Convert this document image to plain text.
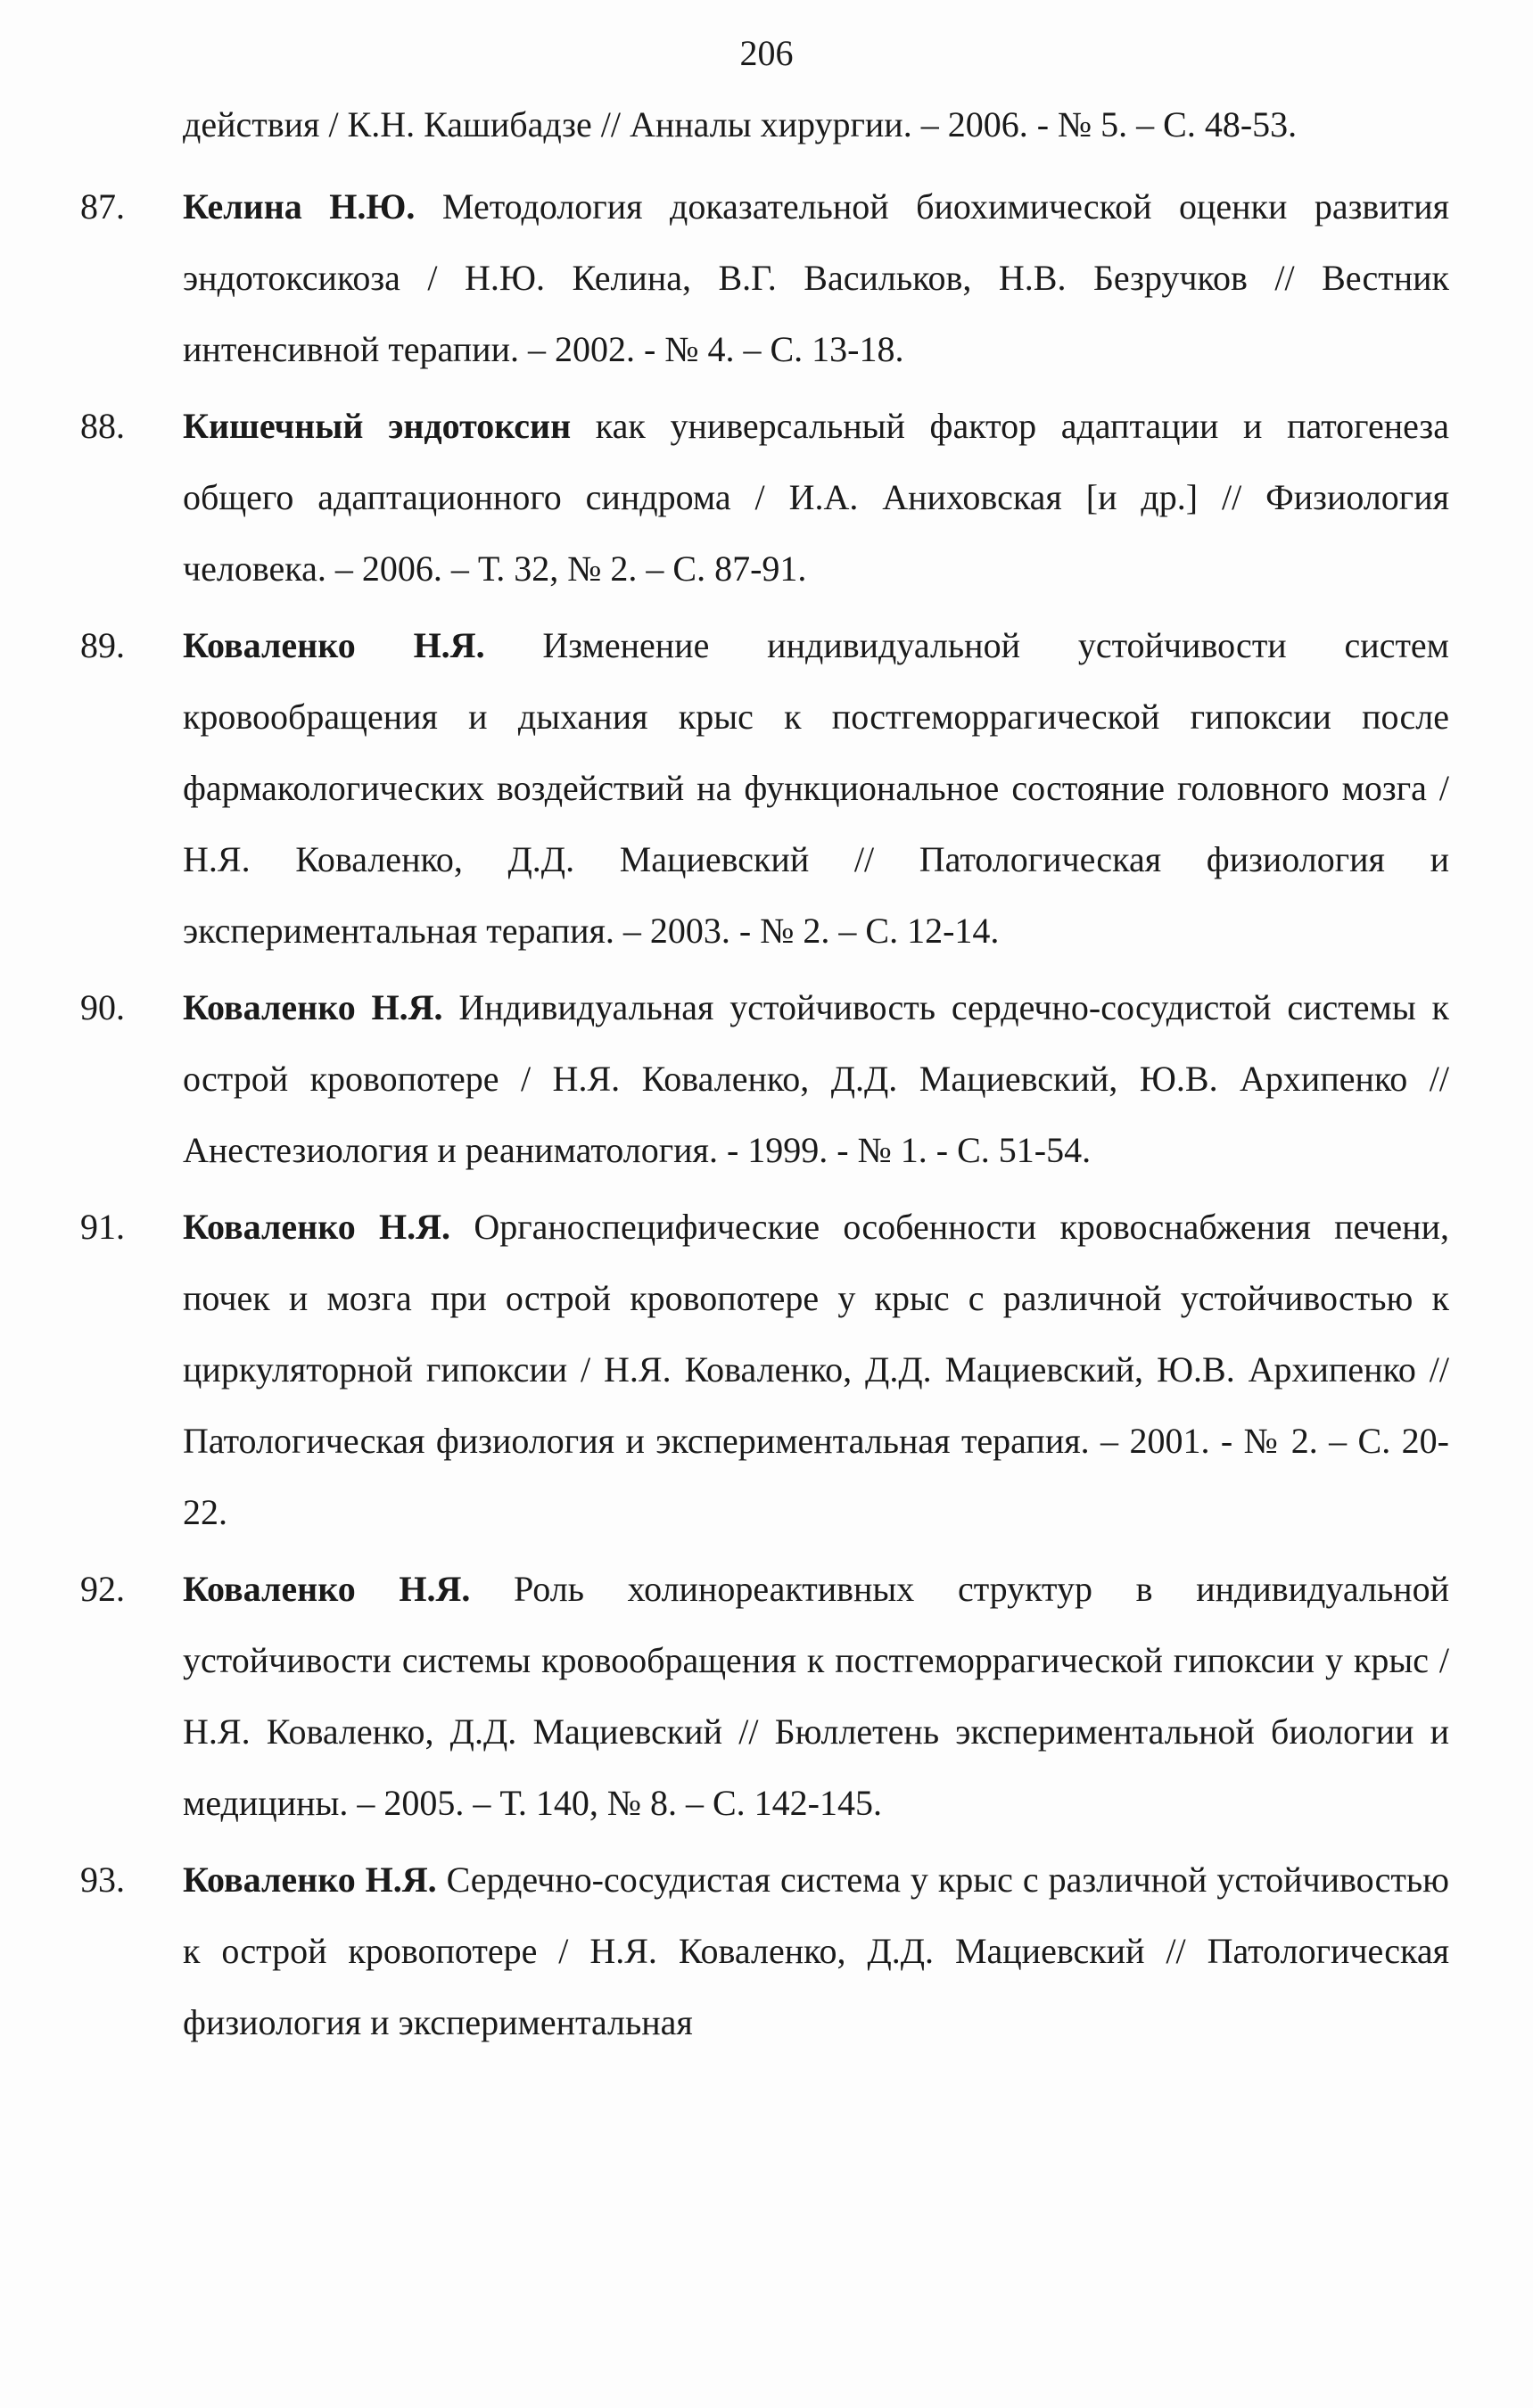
206
действия / К.Н. Кашибадзе // Анналы хирургии. – 2006. - № 5. – С. 48-53.
87.	Келина Н.Ю. Методология доказательной биохимической оценки развития эндотоксикоза / Н.Ю. Келина, В.Г. Васильков, Н.В. Безручков // Вестник интенсивной терапии. – 2002. - № 4. – С. 13-18.
88.	Кишечный эндотоксин как универсальный фактор адаптации и патогенеза общего адаптационного синдрома / И.А. Аниховская [и др.] // Физиология человека. – 2006. – Т. 32, № 2. – С. 87-91.
89.	Коваленко Н.Я. Изменение индивидуальной устойчивости систем кровообращения и дыхания крыс к постгеморрагической гипоксии после фармакологических воздействий на функциональное состояние головного мозга / Н.Я. Коваленко, Д.Д. Мациевский // Патологическая физиология и экспериментальная терапия. – 2003. - № 2. – С. 12-14.
90.	Коваленко Н.Я. Индивидуальная устойчивость сердечно-сосудистой системы к острой кровопотере / Н.Я. Коваленко, Д.Д. Мациевский, Ю.В. Архипенко // Анестезиология и реаниматология. - 1999. - № 1. - С. 51-54.
91.	Коваленко Н.Я. Органоспецифические особенности кровоснабжения печени, почек и мозга при острой кровопотере у крыс с различной устойчивостью к циркуляторной гипоксии / Н.Я. Коваленко, Д.Д. Мациевский, Ю.В. Архипенко // Патологическая физиология и экспериментальная терапия. – 2001. - № 2. – С. 20-22.
92.	Коваленко Н.Я. Роль холинореактивных структур в индивидуальной устойчивости системы кровообращения к постгеморрагической гипоксии у крыс / Н.Я. Коваленко, Д.Д. Мациевский // Бюллетень экспериментальной биологии и медицины. – 2005. – Т. 140, № 8. – С. 142-145.
93.	Коваленко Н.Я. Сердечно-сосудистая система у крыс с различной устойчивостью к острой кровопотере / Н.Я. Коваленко, Д.Д. Мациевский // Патологическая физиология и экспериментальная
